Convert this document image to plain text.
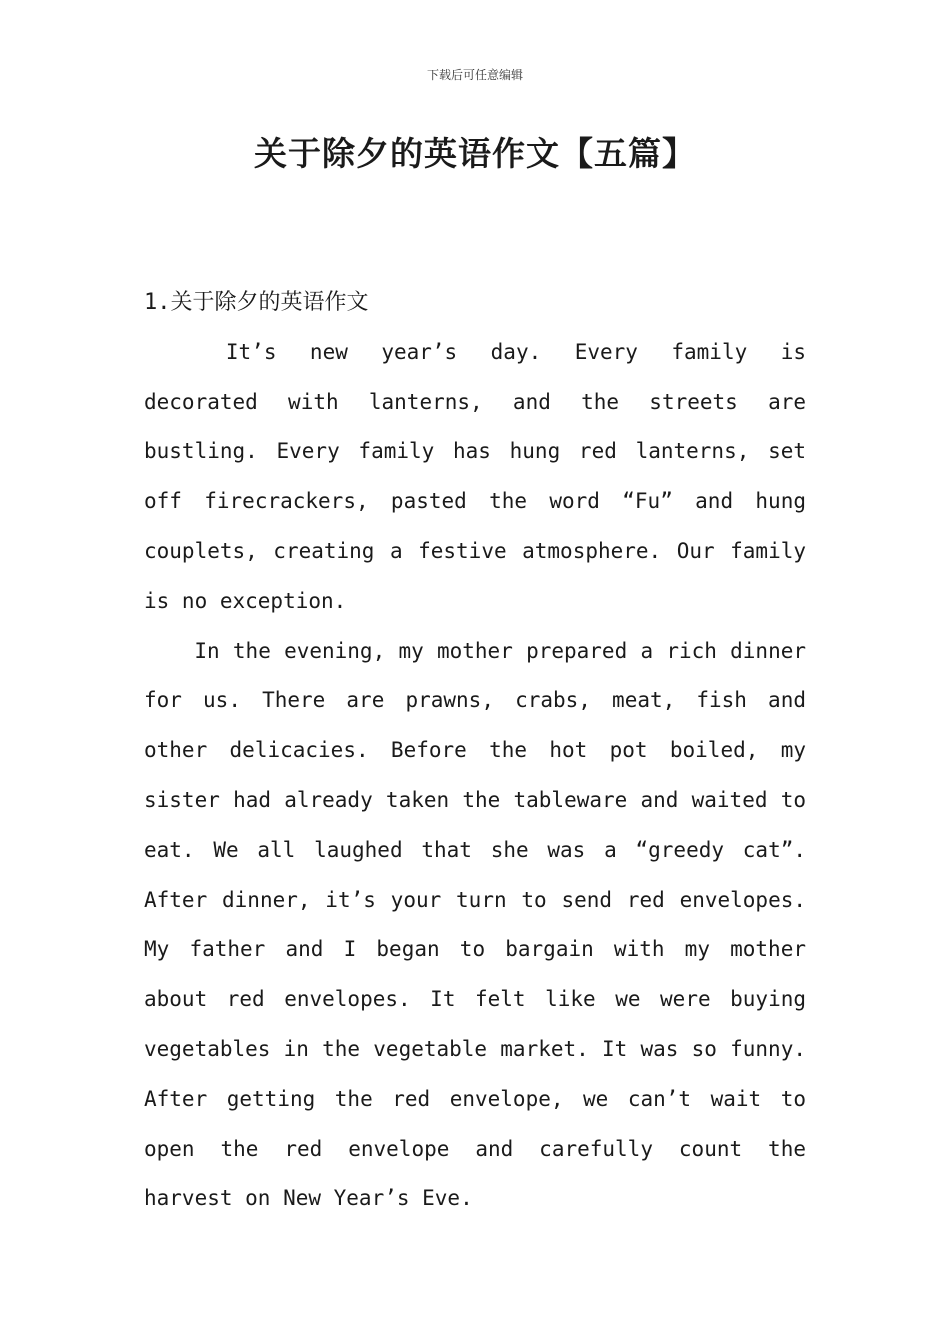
下载后可任意编辑
关于除夕的英语作文【五篇】
1.关于除夕的英语作文

It’s new year’s day. Every family is decorated with lanterns, and the streets are bustling. Every family has hung red lanterns, set off firecrackers, pasted the word “Fu” and hung couplets, creating a festive atmosphere. Our family is no exception.

In the evening, my mother prepared a rich dinner for us. There are prawns, crabs, meat, fish and other delicacies. Before the hot pot boiled, my sister had already taken the tableware and waited to eat. We all laughed that she was a “greedy cat”. After dinner, it’s your turn to send red envelopes. My father and I began to bargain with my mother about red envelopes. It felt like we were buying vegetables in the vegetable market. It was so funny. After getting the red envelope, we can’t wait to open the red envelope and carefully count the harvest on New Year’s Eve.
